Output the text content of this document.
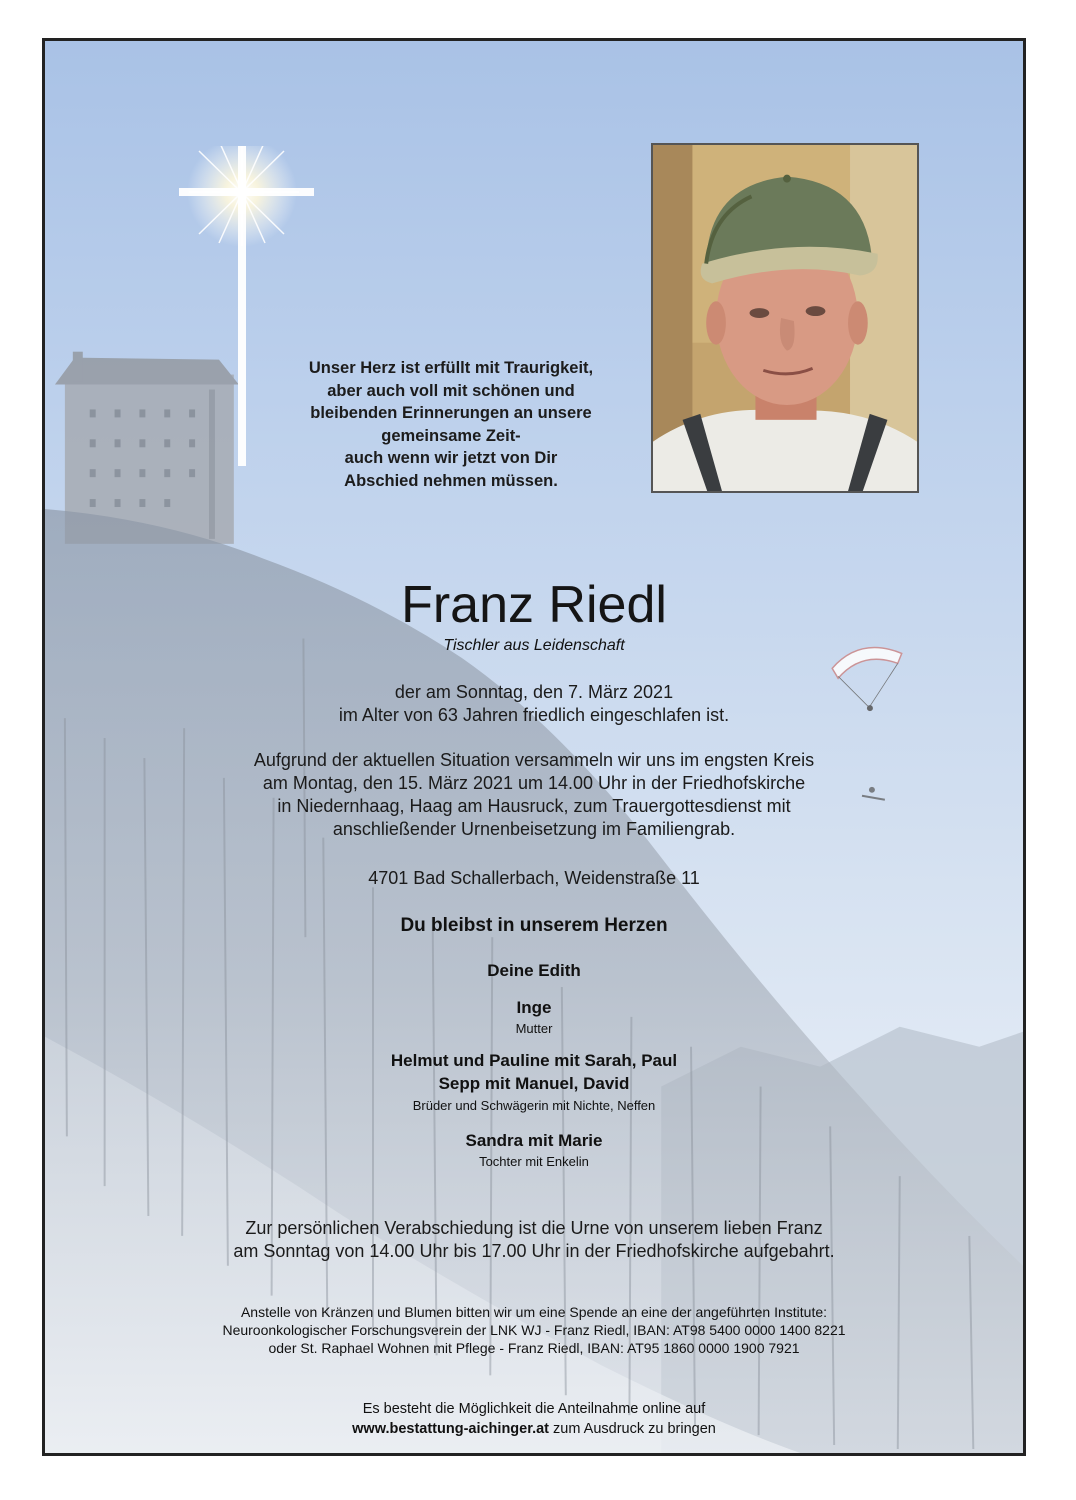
Unser Herz ist erfüllt mit Traurigkeit,
aber auch voll mit schönen und
bleibenden Erinnerungen an unsere
gemeinsame Zeit-
auch wenn wir jetzt von Dir
Abschied nehmen müssen.
Franz Riedl
Tischler aus Leidenschaft
der am Sonntag, den 7. März 2021
im Alter von 63 Jahren friedlich eingeschlafen ist.
Aufgrund der aktuellen Situation versammeln wir uns im engsten Kreis
am Montag, den 15. März 2021 um 14.00 Uhr in der Friedhofskirche
in Niedernhaag, Haag am Hausruck, zum Trauergottesdienst mit
anschließender Urnenbeisetzung im Familiengrab.
4701 Bad Schallerbach, Weidenstraße 11
Du bleibst in unserem Herzen
Deine Edith
Inge
Mutter
Helmut und Pauline mit Sarah, Paul
Sepp mit Manuel, David
Brüder und Schwägerin mit Nichte, Neffen
Sandra mit Marie
Tochter mit Enkelin
Zur persönlichen Verabschiedung ist die Urne von unserem lieben Franz
am Sonntag von 14.00 Uhr bis 17.00 Uhr in der Friedhofskirche aufgebahrt.
Anstelle von Kränzen und Blumen bitten wir um eine Spende an eine der angeführten Institute:
Neuroonkologischer Forschungsverein der LNK WJ - Franz Riedl, IBAN: AT98 5400 0000 1400 8221
oder St. Raphael Wohnen mit Pflege - Franz Riedl, IBAN: AT95 1860 0000 1900 7921
Es besteht die Möglichkeit die Anteilnahme online auf
www.bestattung-aichinger.at zum Ausdruck zu bringen
